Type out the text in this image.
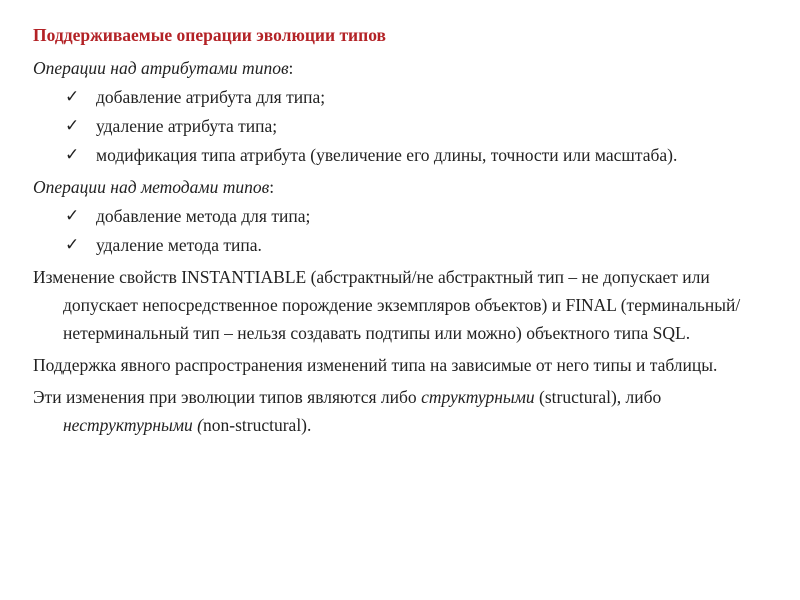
Поддерживаемые операции эволюции типов
Операции над атрибутами типов:
✓ добавление атрибута для типа;
✓ удаление атрибута типа;
✓ модификация типа атрибута (увеличение его длины, точности или масштаба).
Операции над методами типов:
✓ добавление метода для типа;
✓ удаление метода типа.
Изменение свойств INSTANTIABLE (абстрактный/не абстрактный тип – не допускает или допускает непосредственное порождение экземпляров объектов) и FINAL (терминальный/нетерминальный тип – нельзя создавать подтипы или можно) объектного типа SQL.
Поддержка явного распространения изменений типа на зависимые от него типы и таблицы.
Эти изменения при эволюции типов являются либо структурными (structural), либо неструктурными (non-structural).
